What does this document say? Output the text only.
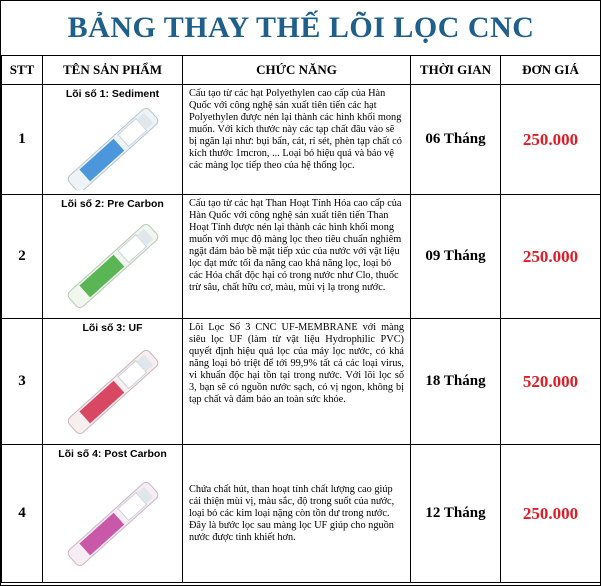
BẢNG THAY THẾ LÕI LỌC CNC				
STT	TÊN SẢN PHẨM	CHỨC NĂNG	THỜI GIAN	ĐƠN GIÁ
1	Lõi số 1: Sediment	Cấu tạo từ các hạt Polyethylen cao cấp của Hàn Quốc với công nghệ sản xuất tiên tiến các hạt Polyethylen được nén lại thành các hình khối mong muốn. Với kích thước này các tạp chất đâu vào sẽ bị ngăn lại như: bụi bẩn, cát, rỉ sét, phèn tạp chất có kích thước 1mcron, ... Loại bỏ hiệu quả và bảo vệ các màng lọc tiếp theo của hệ thống lọc.	06 Tháng	250.000
2	Lõi số 2: Pre Carbon	Cấu tạo từ các hạt Than Hoạt Tính Hóa cao cấp của Hàn Quốc với công nghệ sản xuất tiên tiến Than Hoạt Tính được nén lại thành các hình khối mong muốn với mục độ màng lọc theo tiêu chuẩn nghiêm ngặt đảm bảo bề mặt tiếp xúc của nước với vật liệu lọc đạt mức tối đa năng cao khả năng lọc, loại bỏ các Hóa chất độc hại có trong nước như Clo, thuốc trừ sâu, chất hữu cơ, màu, mùi vị lạ trong nước.	09 Tháng	250.000
3	Lõi số 3: UF	Lõi Lọc Số 3 CNC UF-MEMBRANE với màng siêu lọc UF (làm từ vật liệu Hydrophilic PVC) quyết định hiệu quả lọc của máy lọc nước, có khả năng loại bỏ triệt để tới 99,9% tất cả các loại virus, vi khuẩn độc hại tồn tại trong nước. Với lõi lọc số 3, bạn sẽ có nguồn nước sạch, có vị ngon, không bị tạp chất và đảm bảo an toàn sức khỏe.	18 Tháng	520.000
4	Lõi số 4: Post Carbon	Chứa chất hút, than hoạt tính chất lượng cao giúp cải thiện mùi vị, màu sắc, độ trong suốt của nước, loại bỏ các kim loại nặng còn tồn dư trong nước. Đây là bước lọc sau màng lọc UF giúp cho nguồn nước được tinh khiết hơn.	12 Tháng	250.000
